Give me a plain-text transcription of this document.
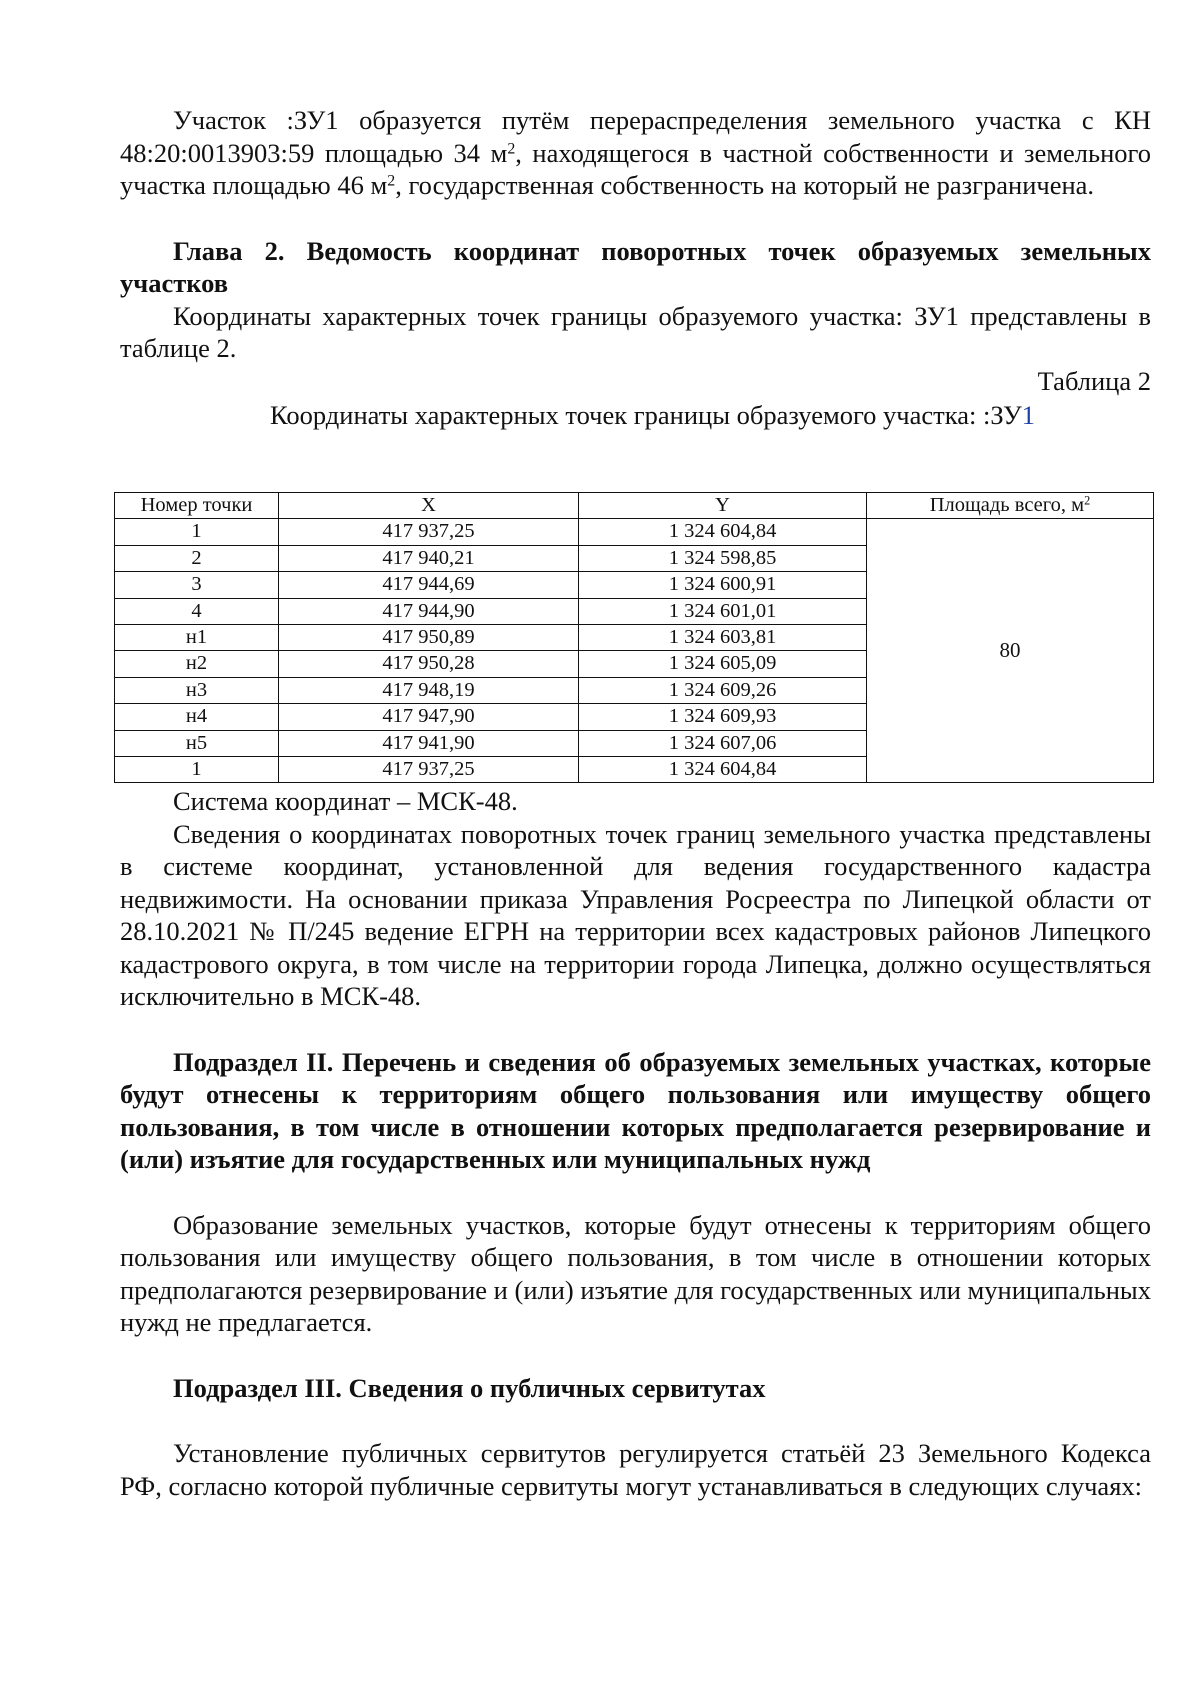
Участок :ЗУ1 образуется путём перераспределения земельного участка с КН 48:20:0013903:59 площадью 34 $м^2$, находящегося в частной собственности и земельного участка площадью 46 $м^2$, государственная собственность на который не разграничена.

Глава 2. Ведомость координат поворотных точек образуемых земельных участков

Координаты характерных точек границы образуемого участка: ЗУ1 представлены в таблице 2.

Таблица 2

Координаты характерных точек границы образуемого участка: :ЗУ1

Номер точки	X	Y	Площадь всего, $м^2$
1	417 937,25	1 324 604,84	80
2	417 940,21	1 324 598,85	
3	417 944,69	1 324 600,91	
4	417 944,90	1 324 601,01	
н1	417 950,89	1 324 603,81	
н2	417 950,28	1 324 605,09	
н3	417 948,19	1 324 609,26	
н4	417 947,90	1 324 609,93	
н5	417 941,90	1 324 607,06	
1	417 937,25	1 324 604,84	

Система координат – МСК-48.

Сведения о координатах поворотных точек границ земельного участка представлены в системе координат, установленной для ведения государственного кадастра недвижимости. На основании приказа Управления Росреестра по Липецкой области от 28.10.2021 № П/245 ведение ЕГРН на территории всех кадастровых районов Липецкого кадастрового округа, в том числе на территории города Липецка, должно осуществляться исключительно в МСК-48.

Подраздел II. Перечень и сведения об образуемых земельных участках, которые будут отнесены к территориям общего пользования или имуществу общего пользования, в том числе в отношении которых предполагается резервирование и (или) изъятие для государственных или муниципальных нужд

Образование земельных участков, которые будут отнесены к территориям общего пользования или имуществу общего пользования, в том числе в отношении которых предполагаются резервирование и (или) изъятие для государственных или муниципальных нужд не предлагается.

Подраздел III. Сведения о публичных сервитутах

Установление публичных сервитутов регулируется статьёй 23 Земельного Кодекса РФ, согласно которой публичные сервитуты могут устанавливаться в следующих случаях:
